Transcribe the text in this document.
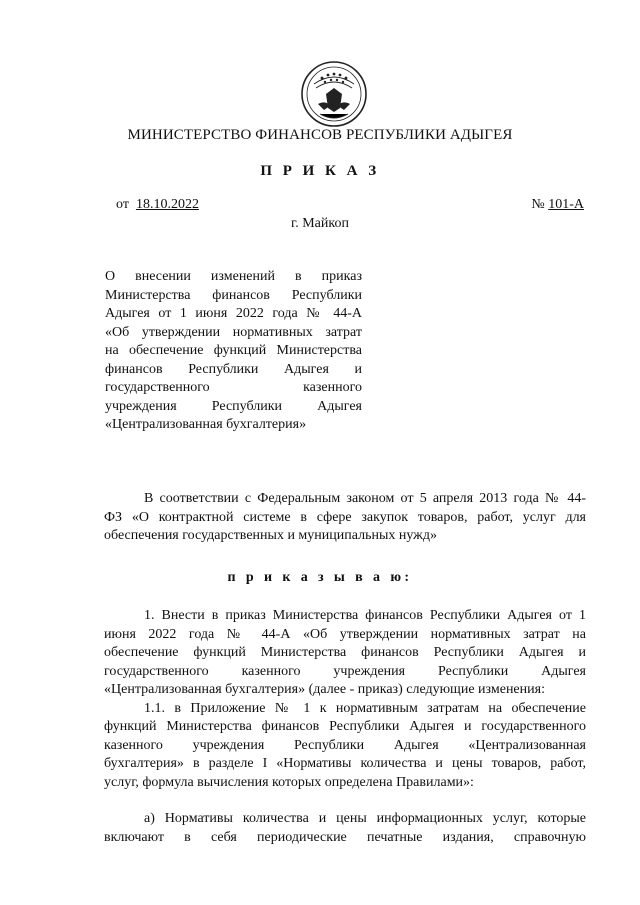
МИНИСТЕРСТВО ФИНАНСОВ РЕСПУБЛИКИ АДЫГЕЯ
П Р И К А З
от 18.10.2022	№ 101-А
г. Майкоп
О внесении изменений в приказ
Министерства финансов Республики
Адыгея от 1 июня 2022 года № 44-А
«Об утверждении нормативных затрат
на обеспечение функций Министерства
финансов Республики Адыгея и
государственного казенного
учреждения Республики Адыгея
«Централизованная бухгалтерия»
В соответствии с Федеральным законом от 5 апреля 2013 года № 44-
ФЗ «О контрактной системе в сфере закупок товаров, работ, услуг для
обеспечения государственных и муниципальных нужд»
п р и к а з ы в а ю:
1. Внести в приказ Министерства финансов Республики Адыгея от 1
июня 2022 года № 44-А «Об утверждении нормативных затрат на
обеспечение функций Министерства финансов Республики Адыгея и
государственного казенного учреждения Республики Адыгея
«Централизованная бухгалтерия» (далее - приказ) следующие изменения:
1.1. в Приложение № 1 к нормативным затратам на обеспечение
функций Министерства финансов Республики Адыгея и государственного
казенного учреждения Республики Адыгея «Централизованная
бухгалтерия» в разделе I «Нормативы количества и цены товаров, работ,
услуг, формула вычисления которых определена Правилами»:
а) Нормативы количества и цены информационных услуг, которые
включают в себя периодические печатные издания, справочную
